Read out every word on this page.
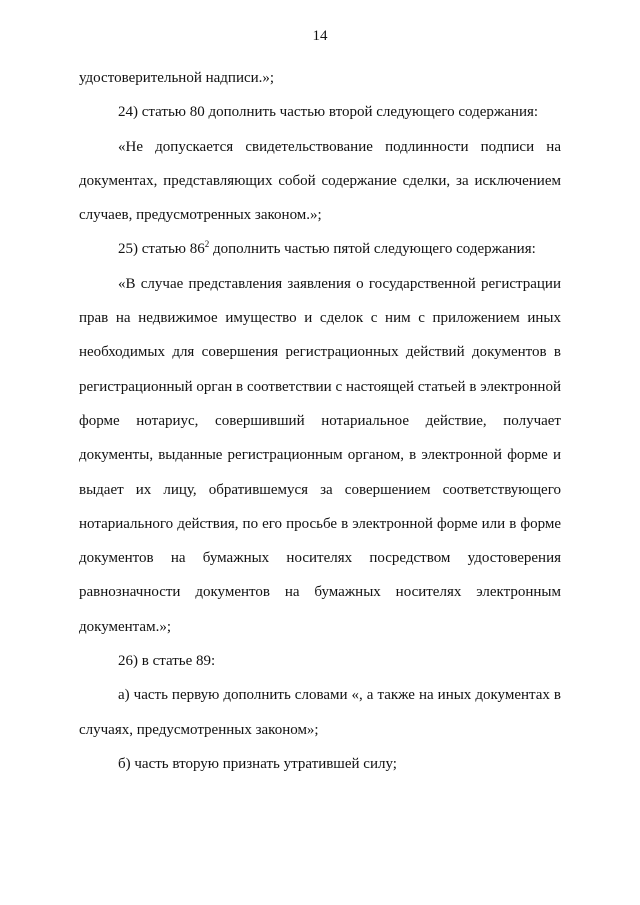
14

удостоверительной надписи.»;

24) статью 80 дополнить частью второй следующего содержания:

«Не допускается свидетельствование подлинности подписи на документах, представляющих собой содержание сделки, за исключением случаев, предусмотренных законом.»;

25) статью $86^2$ дополнить частью пятой следующего содержания:

«В случае представления заявления о государственной регистрации прав на недвижимое имущество и сделок с ним с приложением иных необходимых для совершения регистрационных действий документов в регистрационный орган в соответствии с настоящей статьей в электронной форме нотариус, совершивший нотариальное действие, получает документы, выданные регистрационным органом, в электронной форме и выдает их лицу, обратившемуся за совершением соответствующего нотариального действия, по его просьбе в электронной форме или в форме документов на бумажных носителях посредством удостоверения равнозначности документов на бумажных носителях электронным документам.»;

26) в статье 89:

а) часть первую дополнить словами «, а также на иных документах в случаях, предусмотренных законом»;

б) часть вторую признать утратившей силу;
